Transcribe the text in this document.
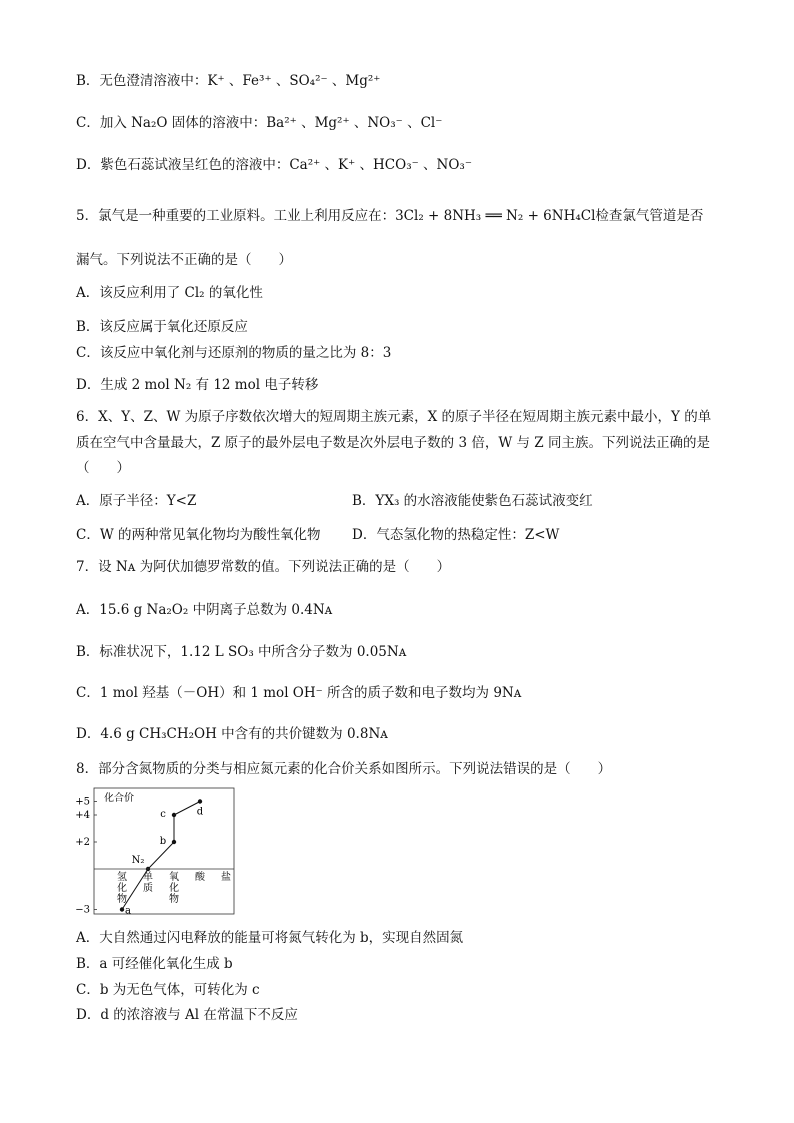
B．无色澄清溶液中：K⁺ 、Fe³⁺ 、SO₄²⁻ 、Mg²⁺
C．加入 Na₂O 固体的溶液中：Ba²⁺ 、Mg²⁺ 、NO₃⁻ 、Cl⁻
D．紫色石蕊试液呈红色的溶液中：Ca²⁺ 、K⁺ 、HCO₃⁻ 、NO₃⁻
5．氯气是一种重要的工业原料。工业上利用反应在：3Cl₂ + 8NH₃ ══ N₂ + 6NH₄Cl检查氯气管道是否
漏气。下列说法不正确的是（　　）
A．该反应利用了 Cl₂ 的氧化性
B．该反应属于氧化还原反应
C．该反应中氧化剂与还原剂的物质的量之比为 8：3
D．生成 2 mol N₂ 有 12 mol 电子转移
6．X、Y、Z、W 为原子序数依次增大的短周期主族元素，X 的原子半径在短周期主族元素中最小，Y 的单
质在空气中含量最大，Z 原子的最外层电子数是次外层电子数的 3 倍，W 与 Z 同主族。下列说法正确的是
（　　）
A．原子半径：Y<Z	B．YX₃ 的水溶液能使紫色石蕊试液变红
C．W 的两种常见氧化物均为酸性氧化物 D．气态氢化物的热稳定性：Z<W
7．设 Nᴀ 为阿伏加德罗常数的值。下列说法正确的是（　　）
A．15.6 g Na₂O₂ 中阴离子总数为 0.4Nᴀ
B．标准状况下，1.12 L SO₃ 中所含分子数为 0.05Nᴀ
C．1 mol 羟基（－OH）和 1 mol OH⁻ 所含的质子数和电子数均为 9Nᴀ
D．4.6 g CH₃CH₂OH 中含有的共价键数为 0.8Nᴀ
8．部分含氮物质的分类与相应氮元素的化合价关系如图所示。下列说法错误的是（　　）
化合价
+5
+4
+2
−3
氢
化
物
单
质
氧
化
物
酸 盐
a
N₂
b
c	d
A．大自然通过闪电释放的能量可将氮气转化为 b，实现自然固氮
B．a 可经催化氧化生成 b
C．b 为无色气体，可转化为 c
D．d 的浓溶液与 Al 在常温下不反应
